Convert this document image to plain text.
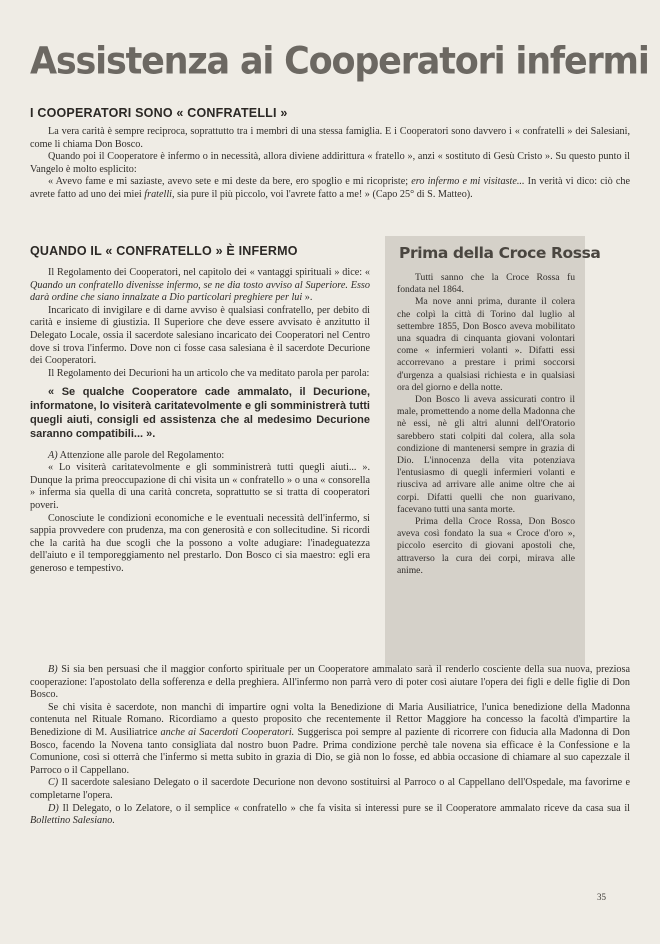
Assistenza ai Cooperatori infermi
I COOPERATORI SONO « CONFRATELLI »

La vera carità è sempre reciproca, soprattutto tra i membri di una stessa famiglia. E i Cooperatori sono davvero i « confratelli » dei Salesiani, come li chiama Don Bosco.

Quando poi il Cooperatore è infermo o in necessità, allora diviene addirittura « fratello », anzi « sostituto di Gesù Cristo ». Su questo punto il Vangelo è molto esplicito:

« Avevo fame e mi saziaste, avevo sete e mi deste da bere, ero spoglio e mi ricopriste; ero infermo e mi visitaste... In verità vi dico: ciò che avrete fatto ad uno dei miei fratelli, sia pure il più piccolo, voi l'avrete fatto a me! » (Capo 25° di S. Matteo).

QUANDO IL « CONFRATELLO » È INFERMO

Il Regolamento dei Cooperatori, nel capitolo dei « vantaggi spirituali » dice: « Quando un confratello divenisse infermo, se ne dia tosto avviso al Superiore. Esso darà ordine che siano innalzate a Dio particolari preghiere per lui ».

Incaricato di invigilare e di darne avviso è qualsiasi confratello, per debito di carità e insieme di giustizia. Il Superiore che deve essere avvisato è anzitutto il Delegato Locale, ossia il sacerdote salesiano incaricato dei Cooperatori nel Centro dove si trova l'infermo. Dove non ci fosse casa salesiana è il sacerdote Decurione dei Cooperatori.

Il Regolamento dei Decurioni ha un articolo che va meditato parola per parola:

« Se qualche Cooperatore cade ammalato, il Decurione, informatone, lo visiterà caritatevolmente e gli somministrerà tutti quegli aiuti, consigli ed assistenza che al medesimo Decurione saranno compatibili... ».

A) Attenzione alle parole del Regolamento:

« Lo visiterà caritatevolmente e gli somministrerà tutti quegli aiuti... ». Dunque la prima preoccupazione di chi visita un « confratello » o una « consorella » inferma sia quella di una carità concreta, soprattutto se si tratta di cooperatori poveri.

Conosciute le condizioni economiche e le eventuali necessità dell'infermo, si sappia provvedere con prudenza, ma con generosità e con sollecitudine. Si ricordi che la carità ha due scogli che la possono a volte adugiare: l'inadeguatezza dell'aiuto e il temporeggiamento nel prestarlo. Don Bosco ci sia maestro: egli era generoso e tempestivo.

Prima della Croce Rossa

Tutti sanno che la Croce Rossa fu fondata nel 1864.

Ma nove anni prima, durante il colera che colpì la città di Torino dal luglio al settembre 1855, Don Bosco aveva mobilitato una squadra di cinquanta giovani volontari come « infermieri volanti ». Difatti essi accorrevano a prestare i primi soccorsi d'urgenza a qualsiasi richiesta e in qualsiasi ora del giorno e della notte.

Don Bosco li aveva assicurati contro il male, promettendo a nome della Madonna che nè essi, nè gli altri alunni dell'Oratorio sarebbero stati colpiti dal colera, alla sola condizione di mantenersi sempre in grazia di Dio. L'innocenza della vita potenziava l'entusiasmo di quegli infermieri volanti e riusciva ad arrivare alle anime oltre che ai corpi. Difatti quelli che non guarivano, facevano tutti una santa morte.

Prima della Croce Rossa, Don Bosco aveva così fondato la sua « Croce d'oro », piccolo esercito di giovani apostoli che, attraverso la cura dei corpi, mirava alle anime.

B) Si sia ben persuasi che il maggior conforto spirituale per un Cooperatore ammalato sarà il renderlo cosciente della sua nuova, preziosa cooperazione: l'apostolato della sofferenza e della preghiera. All'infermo non parrà vero di poter così aiutare l'opera dei figli e delle figlie di Don Bosco.

Se chi visita è sacerdote, non manchi di impartire ogni volta la Benedizione di Maria Ausiliatrice, l'unica benedizione della Madonna contenuta nel Rituale Romano. Ricordiamo a questo proposito che recentemente il Rettor Maggiore ha concesso la facoltà d'impartire la Benedizione di M. Ausiliatrice anche ai Sacerdoti Cooperatori. Suggerisca poi sempre al paziente di ricorrere con fiducia alla Madonna di Don Bosco, facendo la Novena tanto consigliata dal nostro buon Padre. Prima condizione perchè tale novena sia efficace è la Confessione e la Comunione, così si otterrà che l'infermo si metta subito in grazia di Dio, se già non lo fosse, ed abbia occasione di chiamare al suo capezzale il Parroco o il Cappellano.

C) Il sacerdote salesiano Delegato o il sacerdote Decurione non devono sostituirsi al Parroco o al Cappellano dell'Ospedale, ma favorirne e completarne l'opera.

D) Il Delegato, o lo Zelatore, o il semplice « confratello » che fa visita si interessi pure se il Cooperatore ammalato riceve da casa sua il Bollettino Salesiano.

35
